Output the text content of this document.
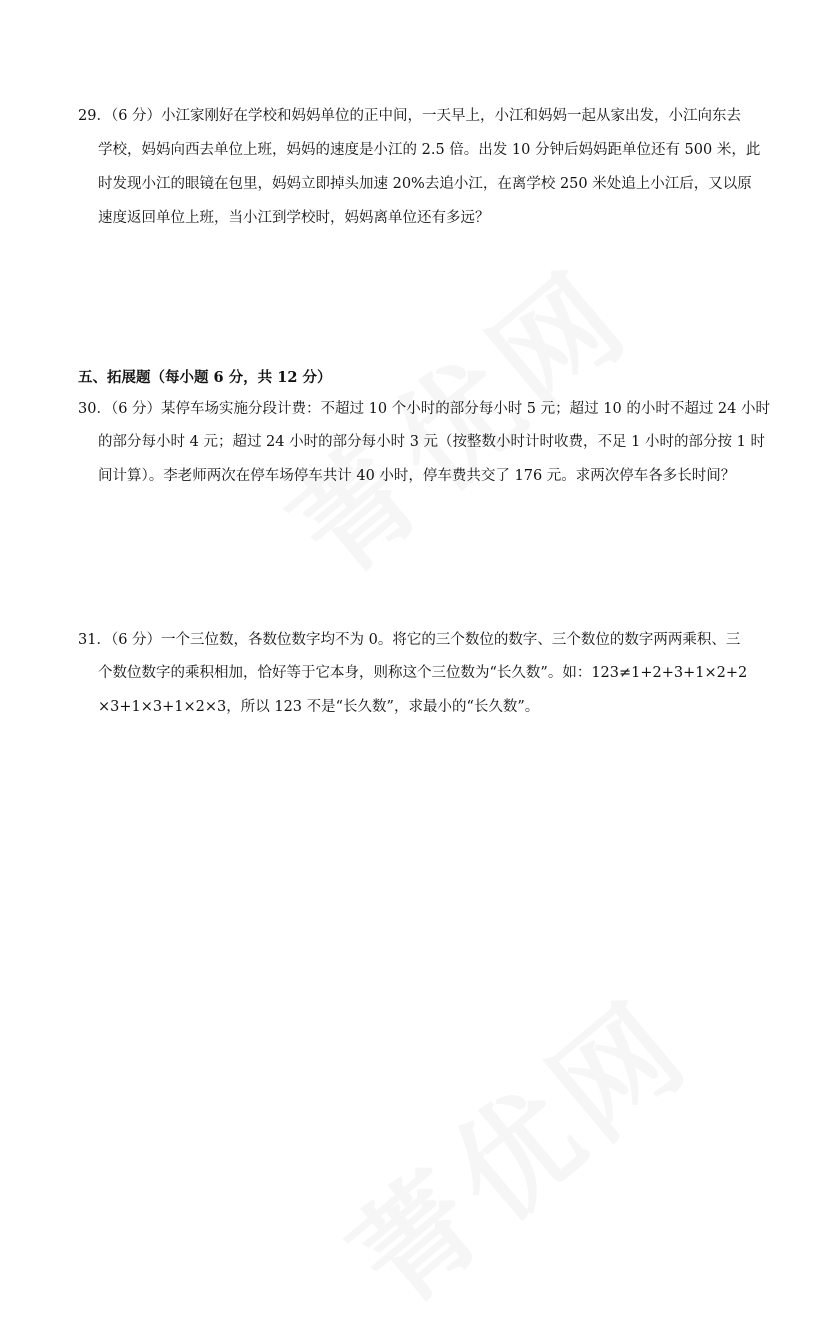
29．（6 分）小江家刚好在学校和妈妈单位的正中间，一天早上，小江和妈妈一起从家出发，小江向东去
学校，妈妈向西去单位上班，妈妈的速度是小江的 2.5 倍。出发 10 分钟后妈妈距单位还有 500 米，此
时发现小江的眼镜在包里，妈妈立即掉头加速 20%去追小江，在离学校 250 米处追上小江后，又以原
速度返回单位上班，当小江到学校时，妈妈离单位还有多远？
五、拓展题（每小题 6 分，共 12 分）
30．（6 分）某停车场实施分段计费：不超过 10 个小时的部分每小时 5 元；超过 10 的小时不超过 24 小时
的部分每小时 4 元；超过 24 小时的部分每小时 3 元（按整数小时计时收费，不足 1 小时的部分按 1 时
间计算）。李老师两次在停车场停车共计 40 小时，停车费共交了 176 元。求两次停车各多长时间？
31．（6 分）一个三位数，各数位数字均不为 0。将它的三个数位的数字、三个数位的数字两两乘积、三
个数位数字的乘积相加，恰好等于它本身，则称这个三位数为“长久数”。如：123≠1+2+3+1×2+2
×3+1×3+1×2×3，所以 123 不是“长久数”，求最小的“长久数”。
